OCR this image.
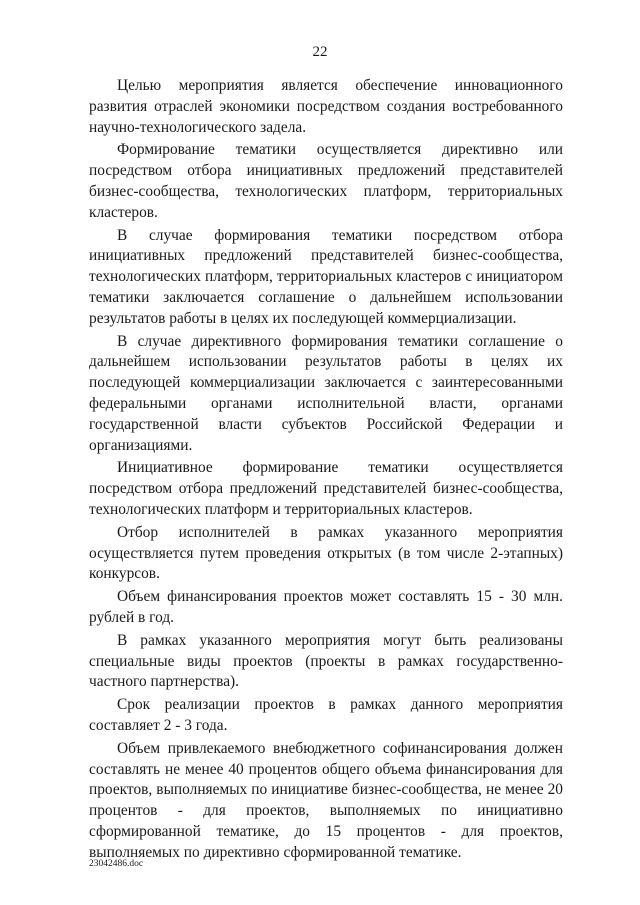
22

Целью мероприятия является обеспечение инновационного развития отраслей экономики посредством создания востребованного научно-технологического задела.

Формирование тематики осуществляется директивно или посредством отбора инициативных предложений представителей бизнес-сообщества, технологических платформ, территориальных кластеров.

В случае формирования тематики посредством отбора инициативных предложений представителей бизнес-сообщества, технологических платформ, территориальных кластеров с инициатором тематики заключается соглашение о дальнейшем использовании результатов работы в целях их последующей коммерциализации.

В случае директивного формирования тематики соглашение о дальнейшем использовании результатов работы в целях их последующей коммерциализации заключается с заинтересованными федеральными органами исполнительной власти, органами государственной власти субъектов Российской Федерации и организациями.

Инициативное формирование тематики осуществляется посредством отбора предложений представителей бизнес-сообщества, технологических платформ и территориальных кластеров.

Отбор исполнителей в рамках указанного мероприятия осуществляется путем проведения открытых (в том числе 2-этапных) конкурсов.

Объем финансирования проектов может составлять 15 - 30 млн. рублей в год.

В рамках указанного мероприятия могут быть реализованы специальные виды проектов (проекты в рамках государственно-частного партнерства).

Срок реализации проектов в рамках данного мероприятия составляет 2 - 3 года.

Объем привлекаемого внебюджетного софинансирования должен составлять не менее 40 процентов общего объема финансирования для проектов, выполняемых по инициативе бизнес-сообщества, не менее 20 процентов - для проектов, выполняемых по инициативно сформированной тематике, до 15 процентов - для проектов, выполняемых по директивно сформированной тематике.

23042486.doc
